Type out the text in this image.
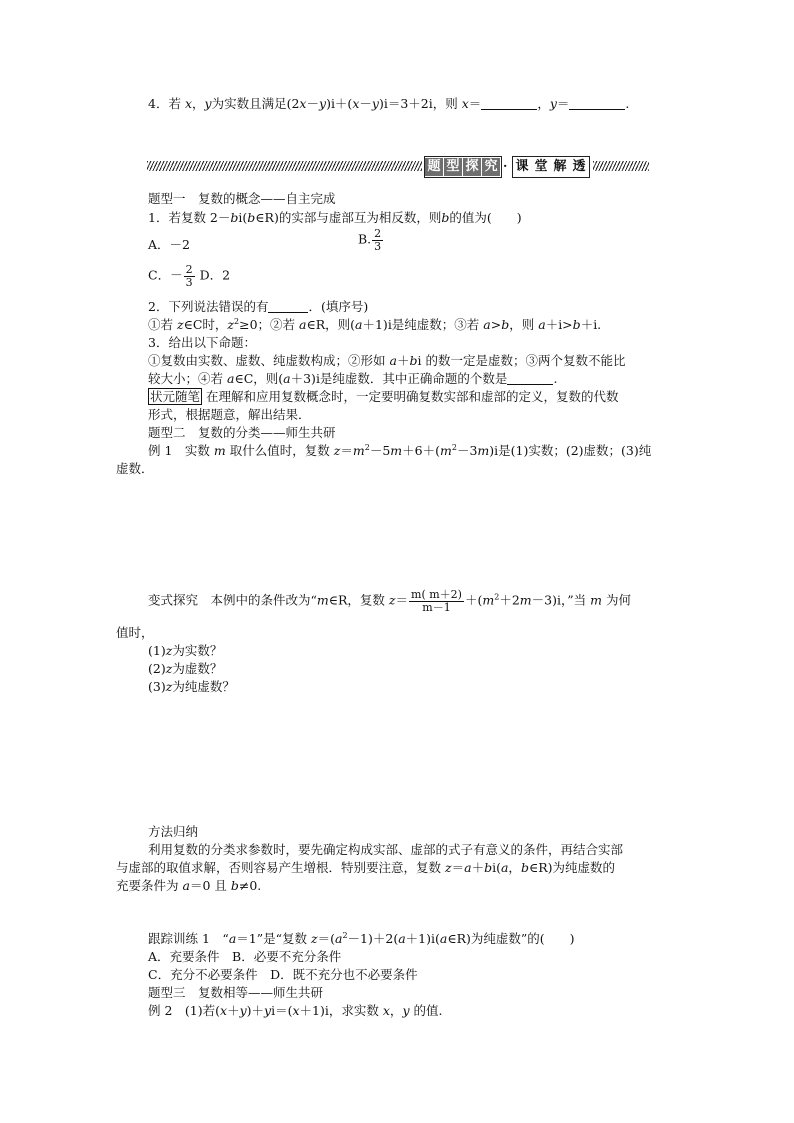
4．若 x，y为实数且满足(2x－y)i＋(x－y)i＝3＋2i，则 x＝	，y＝	.
题 型 探 究 · 课 堂 解 透
题型一　复数的概念——自主完成
1．若复数 2－bi(b∈R)的实部与虚部互为相反数，则b的值为(　　)
A．－2	B. $\frac{2}{3}$
C．－ $\frac{2}{3}$ D．2
2．下列说法错误的有	．(填序号)
①若 z∈C时，$z^2\ge 0$；②若 a∈R，则(a＋1)i是纯虚数；③若 a>b，则 a＋i>b＋i.
3．给出以下命题：
①复数由实数、虚数、纯虚数构成；②形如 a＋bi 的数一定是虚数；③两个复数不能比
较大小；④若 a∈C，则(a＋3)i是纯虚数．其中正确命题的个数是	.
状元随笔 在理解和应用复数概念时，一定要明确复数实部和虚部的定义，复数的代数
形式，根据题意，解出结果．
题型二　复数的分类——师生共研
例 1　实数 m 取什么值时，复数 $z=m^2-5m+6+(m^2-3m)i$是(1)实数；(2)虚数；(3)纯
虚数．
变式探究　本例中的条件改为“m∈R，复数 $z= \frac{m( m+2)}{m-1} +(m^2+2m-3)i$，”当 m 为何
值时，
(1)z为实数？
(2)z为虚数？
(3)z为纯虚数？
方法归纳
利用复数的分类求参数时，要先确定构成实部、虚部的式子有意义的条件，再结合实部
与虚部的取值求解，否则容易产生增根．特别要注意，复数 z＝a＋bi(a，b∈R)为纯虚数的
充要条件为 a＝0 且 b≠0.
跟踪训练 1　“a＝1”是“复数 $z=(a^2-1)+2(a+1)i(a\in R)$为纯虚数”的(　　)
A．充要条件　B．必要不充分条件
C．充分不必要条件　D．既不充分也不必要条件
题型三　复数相等——师生共研
例 2　(1)若(x＋y)＋yi＝(x＋1)i，求实数 x，y 的值.
